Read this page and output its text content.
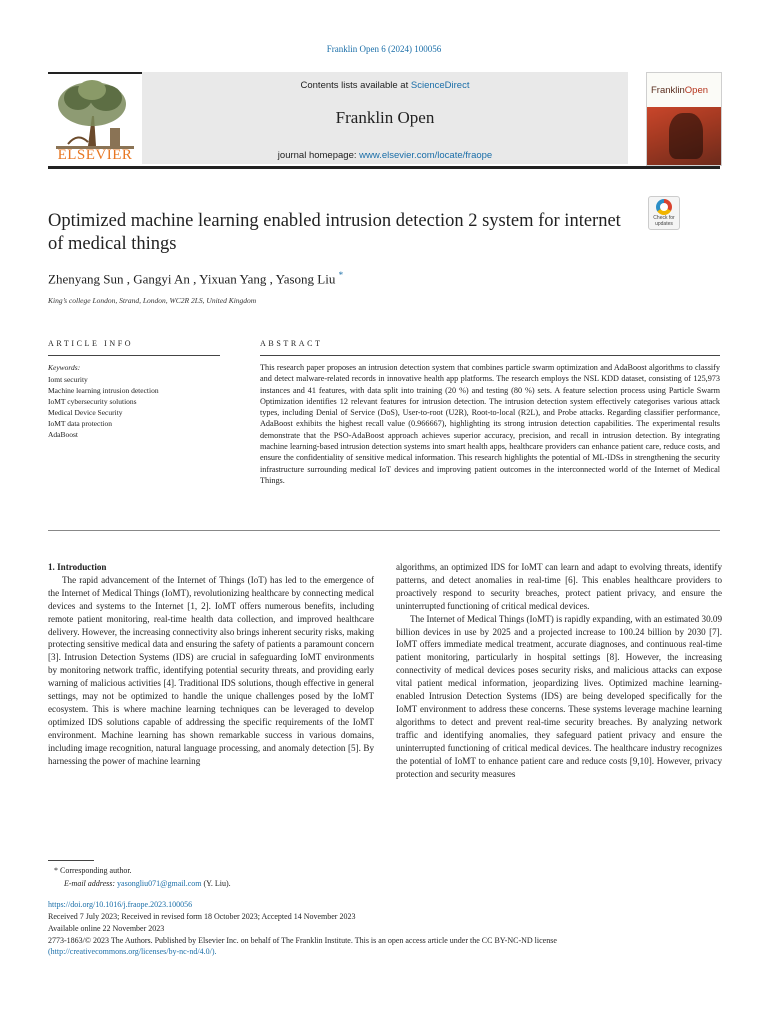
Franklin Open 6 (2024) 100056
ELSEVIER
Contents lists available at ScienceDirect
Franklin Open
journal homepage: www.elsevier.com/locate/fraope
FranklinOpen
Check for
updates
Optimized machine learning enabled intrusion detection 2 system for internet of medical things
Zhenyang Sun , Gangyi An , Yixuan Yang , Yasong Liu *
King’s college London, Strand, London, WC2R 2LS, United Kingdom
ARTICLE INFO
Keywords:
Iomt security
Machine learning intrusion detection
IoMT cybersecurity solutions
Medical Device Security
IoMT data protection
AdaBoost
ABSTRACT
This research paper proposes an intrusion detection system that combines particle swarm optimization and AdaBoost algorithms to classify and detect malware-related records in innovative health app platforms. The research employs the NSL KDD dataset, consisting of 125,973 instances and 41 features, with data split into training (20 %) and testing (80 %) sets. A feature selection process using Particle Swarm Optimization identifies 12 relevant features for intrusion detection. The intrusion detection system effectively categorises various attack types, including Denial of Service (DoS), User-to-root (U2R), Root-to-local (R2L), and Probe attacks. Regarding classifier performance, AdaBoost exhibits the highest recall value (0.966667), highlighting its strong intrusion detection capabilities. The experimental results demonstrate that the PSO-AdaBoost approach achieves superior accuracy, precision, and recall in intrusion detection. By integrating machine learning-based intrusion detection systems into smart health apps, healthcare providers can enhance patient care, reduce costs, and ensure the confidentiality of sensitive medical information. This research highlights the potential of ML-IDSs in strengthening the security infrastructure surrounding medical IoT devices and improving patient outcomes in the interconnected world of the Internet of Medical Things.

1. Introduction

The rapid advancement of the Internet of Things (IoT) has led to the emergence of the Internet of Medical Things (IoMT), revolutionizing healthcare by connecting medical devices and systems to the Internet [1, 2]. IoMT offers numerous benefits, including remote patient monitoring, real-time health data collection, and improved healthcare delivery. However, the increasing connectivity also brings inherent security risks, making protecting sensitive medical data and ensuring the safety of patients a paramount concern [3]. Intrusion Detection Systems (IDS) are crucial in safeguarding IoMT environments by monitoring network traffic, identifying potential security threats, and providing early warning of malicious activities [4]. Traditional IDS solutions, though effective in general settings, may not be optimized to handle the unique challenges posed by the IoMT ecosystem. This is where machine learning techniques can be leveraged to develop optimized IDS solutions capable of addressing the specific requirements of the IoMT environment. Machine learning has shown remarkable success in various domains, including image recognition, natural language processing, and anomaly detection [5]. By harnessing the power of machine learning

algorithms, an optimized IDS for IoMT can learn and adapt to evolving threats, identify patterns, and detect anomalies in real-time [6]. This enables healthcare providers to proactively respond to security breaches, protect patient privacy, and ensure the uninterrupted functioning of critical medical devices.

The Internet of Medical Things (IoMT) is rapidly expanding, with an estimated 30.09 billion devices in use by 2025 and a projected increase to 100.24 billion by 2030 [7]. IoMT offers immediate medical treatment, accurate diagnoses, and continuous real-time patient monitoring, particularly in hospital settings [8]. However, the increasing connectivity of medical devices poses security risks, and malicious attacks can expose vital patient medical information, jeopardizing lives. Optimized machine learning-enabled Intrusion Detection Systems (IDS) are being developed specifically for the IoMT environment to address these concerns. These systems leverage machine learning algorithms to detect and prevent real-time security breaches. By analyzing network traffic and identifying anomalies, they safeguard patient privacy and ensure the uninterrupted functioning of critical medical devices. The healthcare industry recognizes the potential of IoMT to enhance patient care and reduce costs [9,10]. However, privacy protection and security measures

* Corresponding author.
E-mail address: yasongliu071@gmail.com (Y. Liu).
https://doi.org/10.1016/j.fraope.2023.100056
Received 7 July 2023; Received in revised form 18 October 2023; Accepted 14 November 2023
Available online 22 November 2023
2773-1863/© 2023 The Authors. Published by Elsevier Inc. on behalf of The Franklin Institute. This is an open access article under the CC BY-NC-ND license
(http://creativecommons.org/licenses/by-nc-nd/4.0/).
